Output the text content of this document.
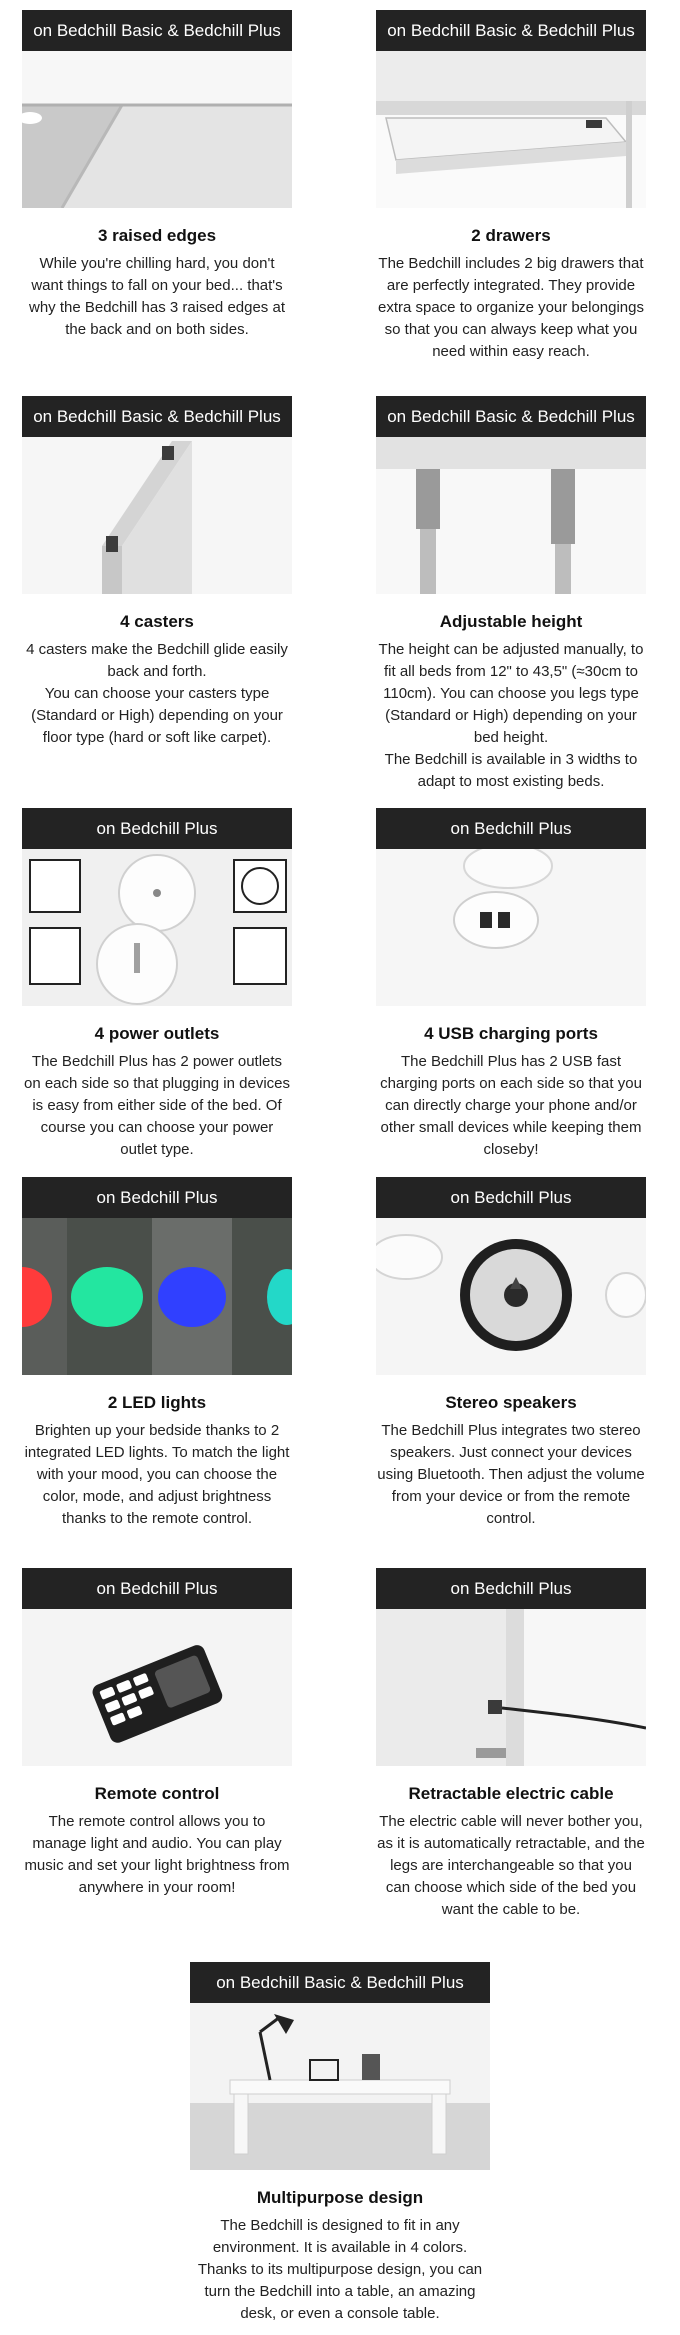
on Bedchill Basic & Bedchill Plus
3 raised edges
While you're chilling hard, you don't want things to fall on your bed... that's why the Bedchill has 3 raised edges at the back and on both sides.
on Bedchill Basic & Bedchill Plus
2 drawers
The Bedchill includes 2 big drawers that are perfectly integrated. They provide extra space to organize your belongings so that you can always keep what you need within easy reach.
on Bedchill Basic & Bedchill Plus
4 casters
4 casters make the Bedchill glide easily back and forth.
You can choose your casters type (Standard or High) depending on your floor type (hard or soft like carpet).
on Bedchill Basic & Bedchill Plus
Adjustable height
The height can be adjusted manually, to fit all beds from 12" to 43,5" (≈30cm to 110cm). You can choose you legs type (Standard or High) depending on your bed height.
The Bedchill is available in 3 widths to adapt to most existing beds.
on Bedchill Plus
4 power outlets
The Bedchill Plus has 2 power outlets on each side so that plugging in devices is easy from either side of the bed. Of course you can choose your power outlet type.
on Bedchill Plus
4 USB charging ports
The Bedchill Plus has 2 USB fast charging ports on each side so that you can directly charge your phone and/or other small devices while keeping them closeby!
on Bedchill Plus
2 LED lights
Brighten up your bedside thanks to 2 integrated LED lights. To match the light with your mood, you can choose the color, mode, and adjust brightness thanks to the remote control.
on Bedchill Plus
Stereo speakers
The Bedchill Plus integrates two stereo speakers. Just connect your devices using Bluetooth. Then adjust the volume from your device or from the remote control.
on Bedchill Plus
Remote control
The remote control allows you to manage light and audio. You can play music and set your light brightness from anywhere in your room!
on Bedchill Plus
Retractable electric cable
The electric cable will never bother you, as it is automatically retractable, and the legs are interchangeable so that you can choose which side of the bed you want the cable to be.
on Bedchill Basic & Bedchill Plus
Multipurpose design
The Bedchill is designed to fit in any environment. It is available in 4 colors.
Thanks to its multipurpose design, you can turn the Bedchill into a table, an amazing desk, or even a console table.
